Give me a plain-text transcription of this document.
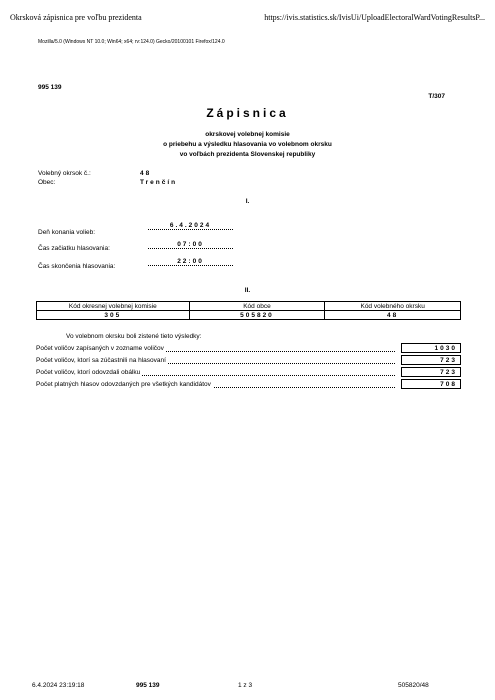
Okrsková zápisnica pre voľbu prezidenta	https://ivis.statistics.sk/IvisUi/UploadElectoralWardVotingResultsP...
Mozilla/5.0 (Windows NT 10.0; Win64; x64; rv:124.0) Gecko/20100101 Firefox/124.0
995 139
T/307
Zápisnica
okrskovej volebnej komisie
o priebehu a výsledku hlasovania vo volebnom okrsku
vo voľbách prezidenta Slovenskej republiky
Volebný okrsok č.:	48
Obec:	Trenčín
I.
Deň konania volieb:
6.4.2024
Čas začiatku hlasovania:
07:00
Čas skončenia hlasovania:
22:00
II.
Kód okresnej volebnej komisie	Kód obce	Kód volebného okrsku
305	505820	48
Vo volebnom okrsku boli zistené tieto výsledky:
Počet voličov zapísaných v zozname voličov	1030
Počet voličov, ktorí sa zúčastnili na hlasovaní	723
Počet voličov, ktorí odovzdali obálku	723
Počet platných hlasov odovzdaných pre všetkých kandidátov	708
6.4.2024 23:19:18	995 139	1 z 3	505820/48
